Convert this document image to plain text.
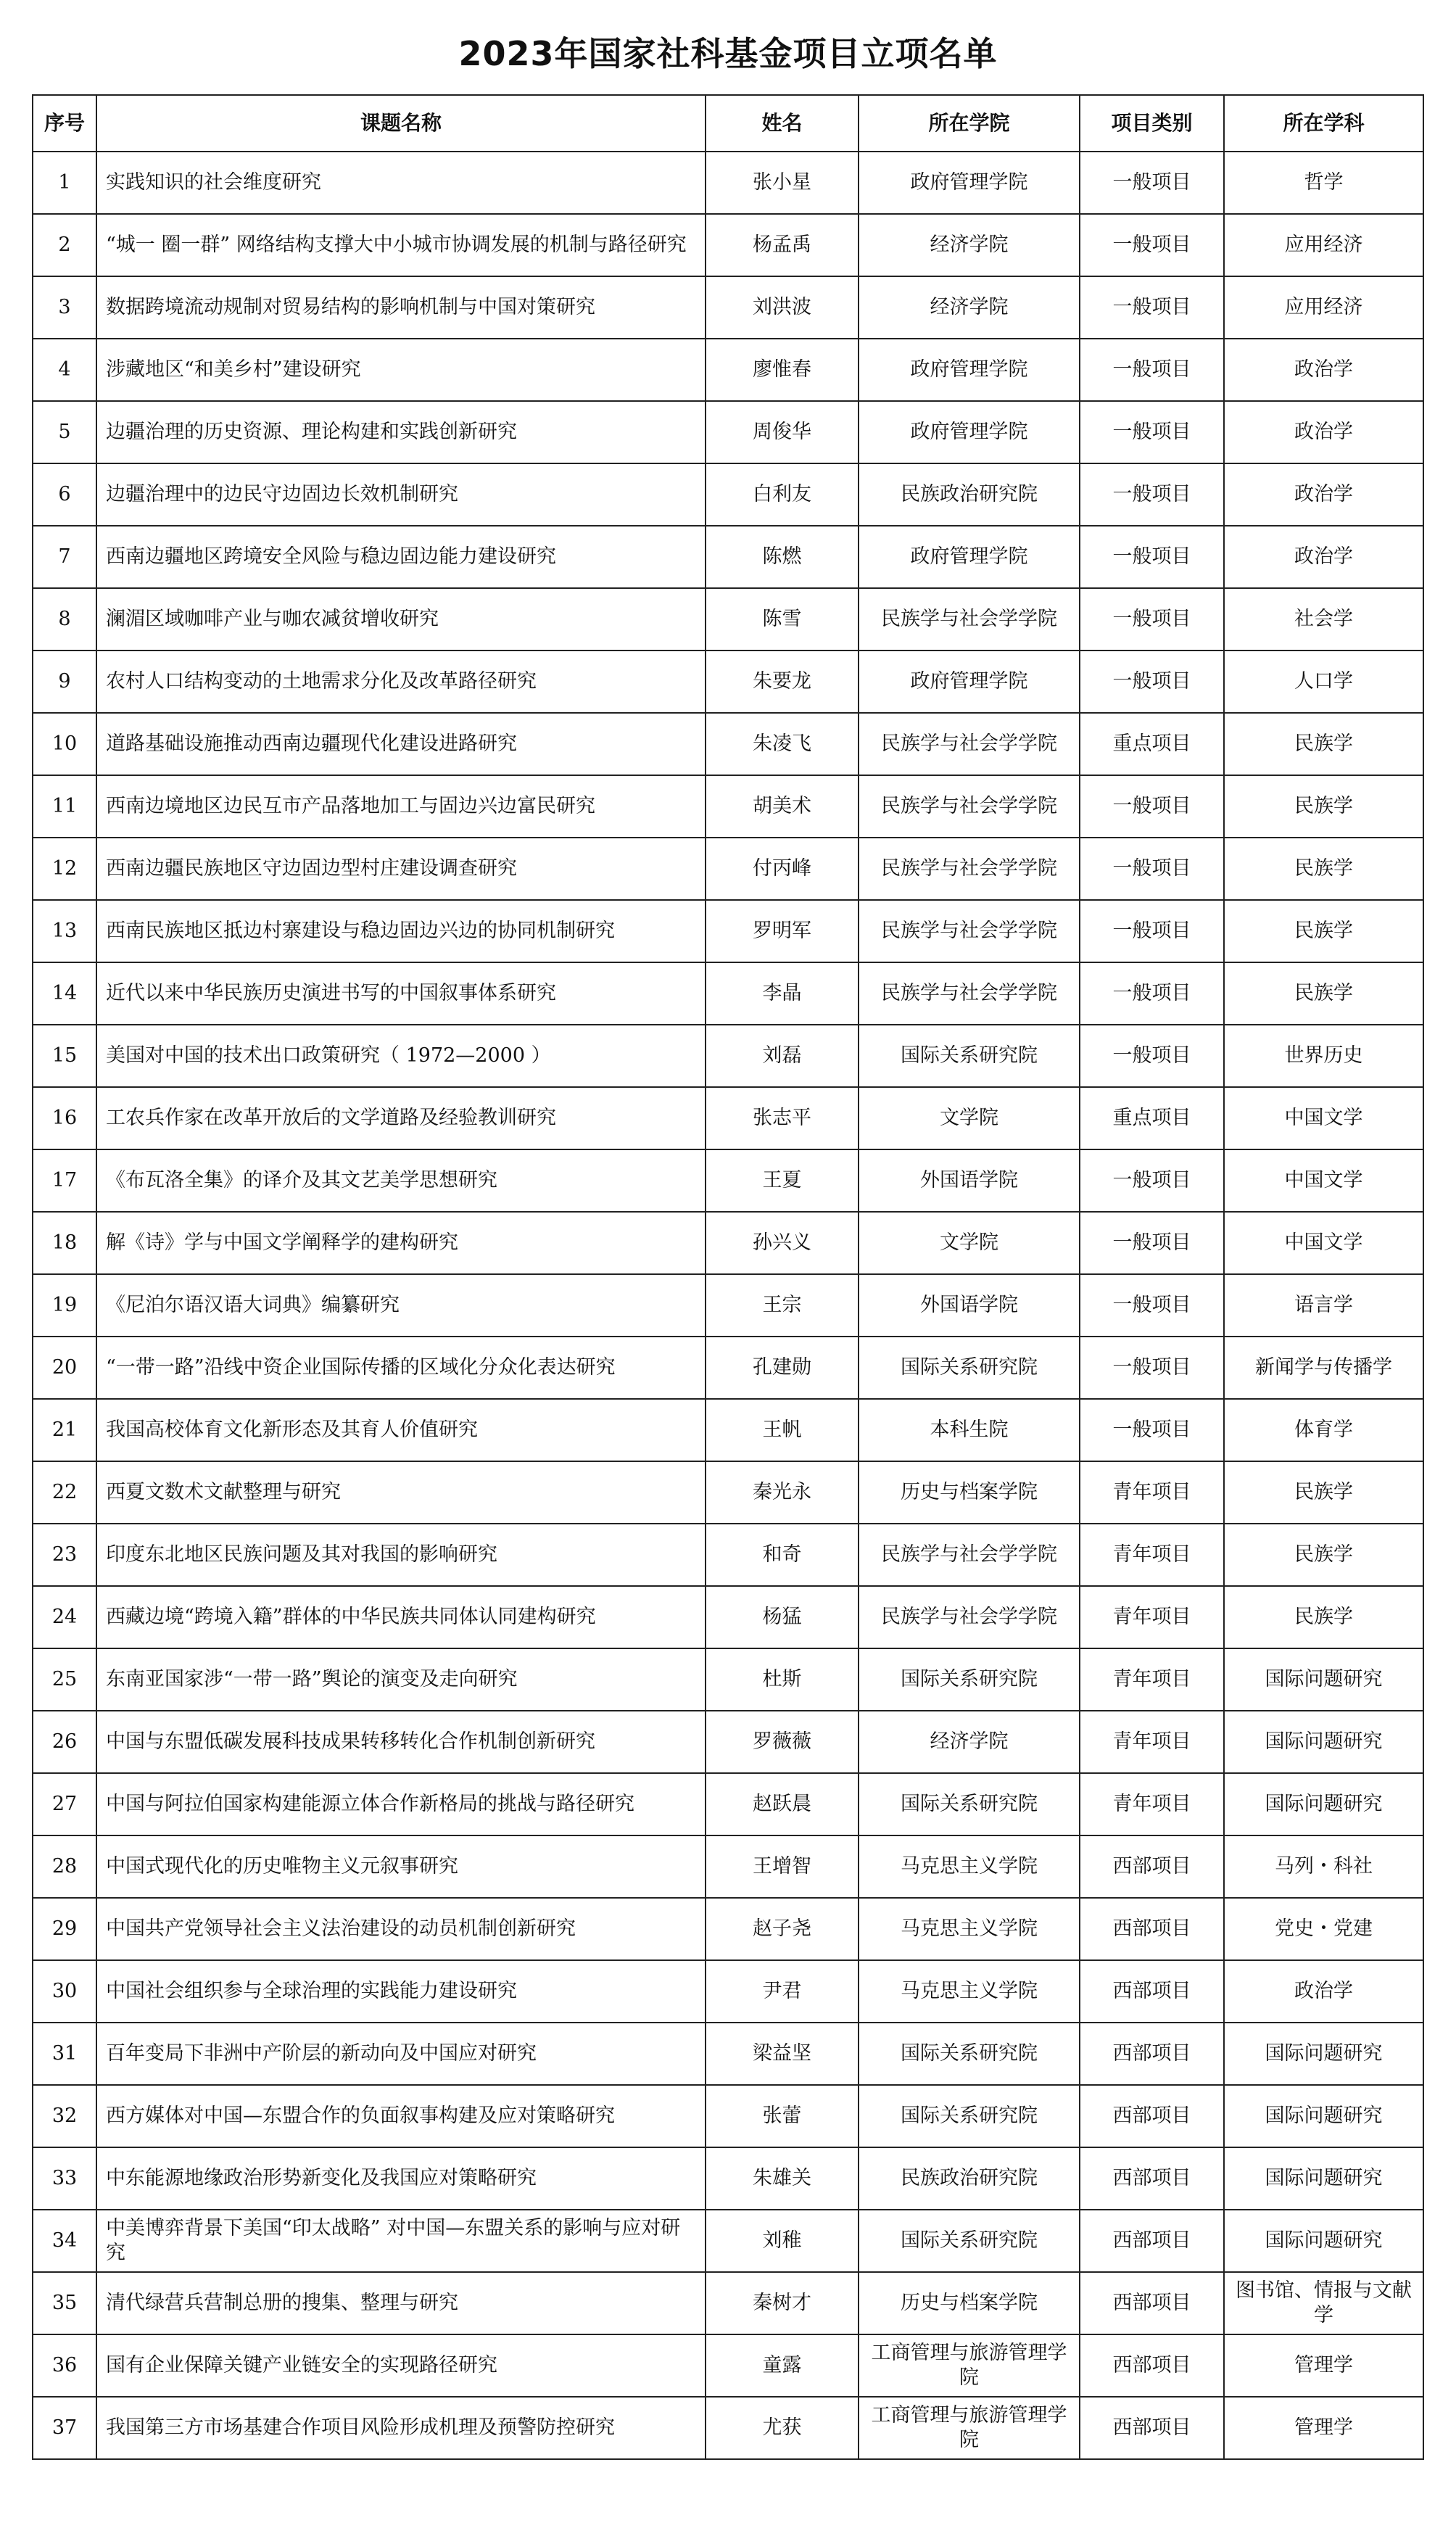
2023年国家社科基金项目立项名单
序号	课题名称	姓名	所在学院	项目类别	所在学科
1	实践知识的社会维度研究	张小星	政府管理学院	一般项目	哲学
2	“城一 圈一群” 网络结构支撑大中小城市协调发展的机制与路径研究	杨孟禹	经济学院	一般项目	应用经济
3	数据跨境流动规制对贸易结构的影响机制与中国对策研究	刘洪波	经济学院	一般项目	应用经济
4	涉藏地区“和美乡村”建设研究	廖惟春	政府管理学院	一般项目	政治学
5	边疆治理的历史资源、理论构建和实践创新研究	周俊华	政府管理学院	一般项目	政治学
6	边疆治理中的边民守边固边长效机制研究	白利友	民族政治研究院	一般项目	政治学
7	西南边疆地区跨境安全风险与稳边固边能力建设研究	陈燃	政府管理学院	一般项目	政治学
8	澜湄区域咖啡产业与咖农减贫增收研究	陈雪	民族学与社会学学院	一般项目	社会学
9	农村人口结构变动的土地需求分化及改革路径研究	朱要龙	政府管理学院	一般项目	人口学
10	道路基础设施推动西南边疆现代化建设进路研究	朱凌飞	民族学与社会学学院	重点项目	民族学
11	西南边境地区边民互市产品落地加工与固边兴边富民研究	胡美术	民族学与社会学学院	一般项目	民族学
12	西南边疆民族地区守边固边型村庄建设调查研究	付丙峰	民族学与社会学学院	一般项目	民族学
13	西南民族地区抵边村寨建设与稳边固边兴边的协同机制研究	罗明军	民族学与社会学学院	一般项目	民族学
14	近代以来中华民族历史演进书写的中国叙事体系研究	李晶	民族学与社会学学院	一般项目	民族学
15	美国对中国的技术出口政策研究（ 1972—2000 ）	刘磊	国际关系研究院	一般项目	世界历史
16	工农兵作家在改革开放后的文学道路及经验教训研究	张志平	文学院	重点项目	中国文学
17	《布瓦洛全集》的译介及其文艺美学思想研究	王夏	外国语学院	一般项目	中国文学
18	解《诗》学与中国文学阐释学的建构研究	孙兴义	文学院	一般项目	中国文学
19	《尼泊尔语汉语大词典》编纂研究	王宗	外国语学院	一般项目	语言学
20	“一带一路”沿线中资企业国际传播的区域化分众化表达研究	孔建勋	国际关系研究院	一般项目	新闻学与传播学
21	我国高校体育文化新形态及其育人价值研究	王帆	本科生院	一般项目	体育学
22	西夏文数术文献整理与研究	秦光永	历史与档案学院	青年项目	民族学
23	印度东北地区民族问题及其对我国的影响研究	和奇	民族学与社会学学院	青年项目	民族学
24	西藏边境“跨境入籍”群体的中华民族共同体认同建构研究	杨猛	民族学与社会学学院	青年项目	民族学
25	东南亚国家涉“一带一路”舆论的演变及走向研究	杜斯	国际关系研究院	青年项目	国际问题研究
26	中国与东盟低碳发展科技成果转移转化合作机制创新研究	罗薇薇	经济学院	青年项目	国际问题研究
27	中国与阿拉伯国家构建能源立体合作新格局的挑战与路径研究	赵跃晨	国际关系研究院	青年项目	国际问题研究
28	中国式现代化的历史唯物主义元叙事研究	王增智	马克思主义学院	西部项目	马列・科社
29	中国共产党领导社会主义法治建设的动员机制创新研究	赵子尧	马克思主义学院	西部项目	党史・党建
30	中国社会组织参与全球治理的实践能力建设研究	尹君	马克思主义学院	西部项目	政治学
31	百年变局下非洲中产阶层的新动向及中国应对研究	梁益坚	国际关系研究院	西部项目	国际问题研究
32	西方媒体对中国—东盟合作的负面叙事构建及应对策略研究	张蕾	国际关系研究院	西部项目	国际问题研究
33	中东能源地缘政治形势新变化及我国应对策略研究	朱雄关	民族政治研究院	西部项目	国际问题研究
34	中美博弈背景下美国“印太战略” 对中国—东盟关系的影响与应对研究	刘稚	国际关系研究院	西部项目	国际问题研究
35	清代绿营兵营制总册的搜集、整理与研究	秦树才	历史与档案学院	西部项目	图书馆、情报与文献学
36	国有企业保障关键产业链安全的实现路径研究	童露	工商管理与旅游管理学院	西部项目	管理学
37	我国第三方市场基建合作项目风险形成机理及预警防控研究	尤获	工商管理与旅游管理学院	西部项目	管理学
